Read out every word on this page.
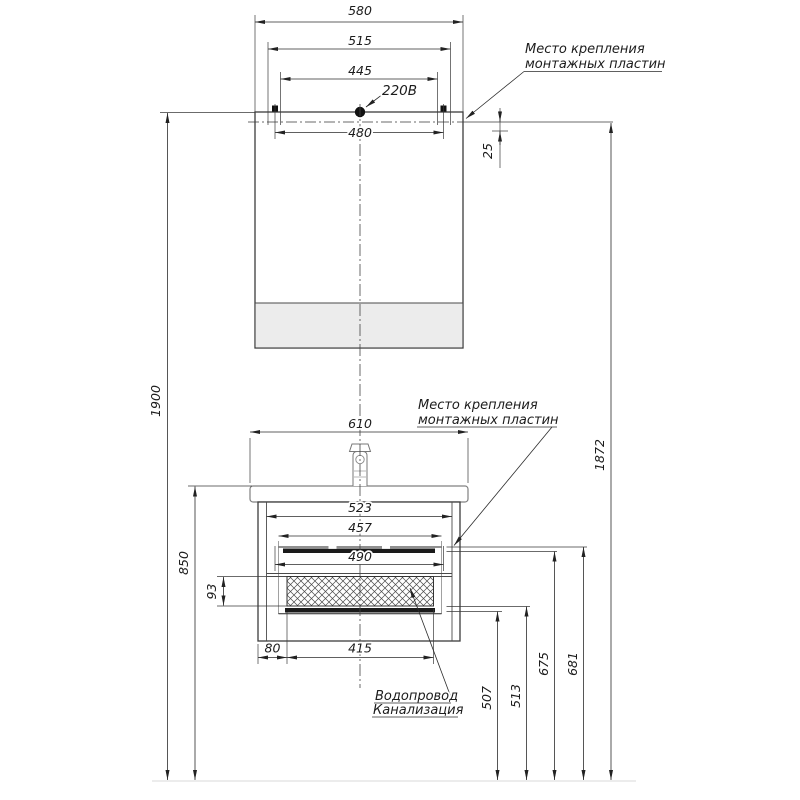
580
515
445
480
25
610
523
457
490
93
80	415
1900
850
507 513
675 681
1872
220В
Место крепления
монтажных пластин
Место крепления
монтажных пластин
Водопровод
Канализация
